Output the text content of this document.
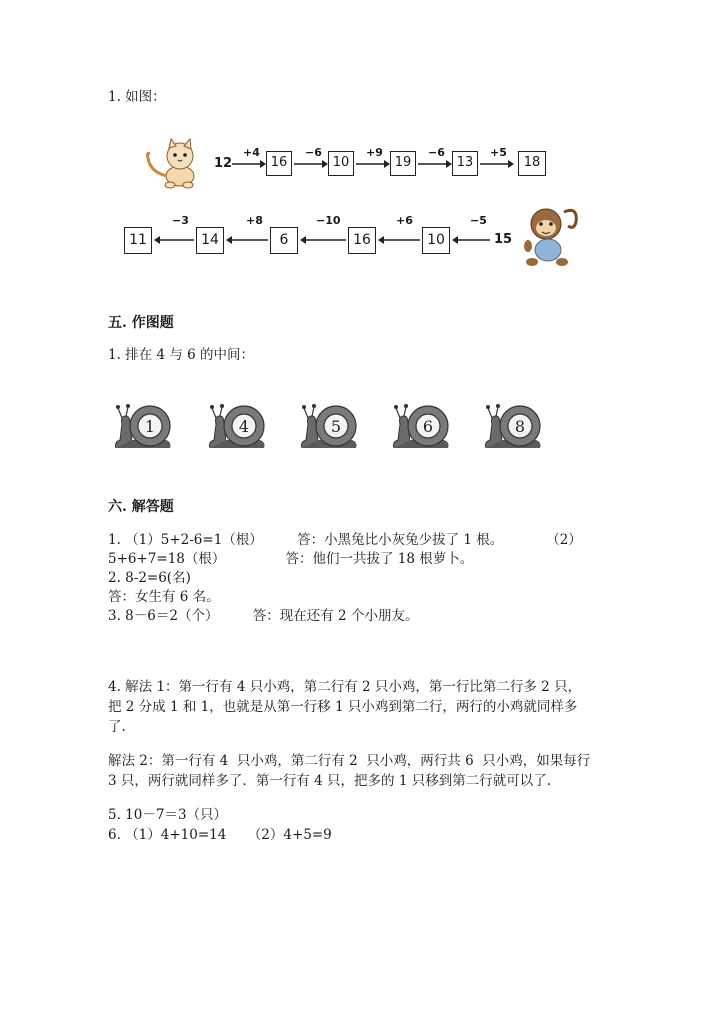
1. 如图：
12
+4
16
−6
10
+9
19
−6
13
+5
18
11
−3
14
+8
6
−10
16
+6
10
−5
15
五. 作图题
1. 排在 4 与 6 的中间：
1	4	5	6	8
六. 解答题
1. （1）5+2-6=1（根）        答：小黑兔比小灰兔少拔了 1 根。          （2）
5+6+7=18（根）              答：他们一共拔了 18 根萝卜。
2. 8-2=6(名)
答：女生有 6 名。
3. 8－6＝2（个）        答：现在还有 2 个小朋友。
4. 解法 1：第一行有 4 只小鸡，第二行有 2 只小鸡，第一行比第二行多 2 只，
把 2 分成 1 和 1，也就是从第一行移 1 只小鸡到第二行，两行的小鸡就同样多
了.
解法 2：第一行有 4  只小鸡，第二行有 2  只小鸡，两行共 6  只小鸡，如果每行
3 只，两行就同样多了．第一行有 4 只，把多的 1 只移到第二行就可以了.
5. 10－7＝3（只）
6. （1）4+10=14     （2）4+5=9
